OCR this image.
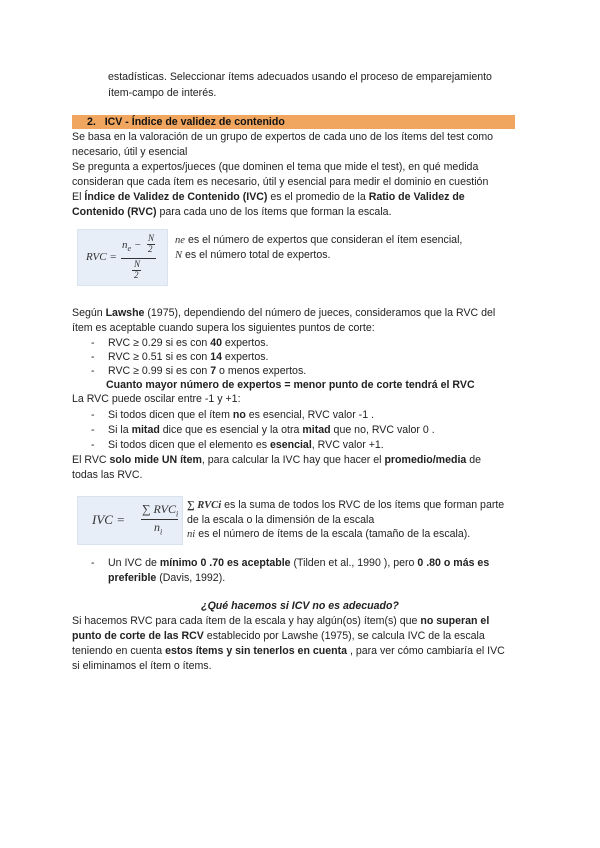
estadísticas. Seleccionar ítems adecuados usando el proceso de emparejamiento
ítem-campo de interés.
2. ICV - Índice de validez de contenido
Se basa en la valoración de un grupo de expertos de cada uno de los ítems del test como
necesario, útil y esencial
Se pregunta a expertos/jueces (que dominen el tema que mide el test), en qué medida
consideran que cada ítem es necesario, útil y esencial para medir el dominio en cuestión
El Índice de Validez de Contenido (IVC) es el promedio de la Ratio de Validez de
Contenido (RVC) para cada uno de los ítems que forman la escala.
RVC =
$n_e$ −
N
2
N
2
ne es el número de expertos que consideran el ítem esencial,
N es el número total de expertos.
Según Lawshe (1975), dependiendo del número de jueces, consideramos que la RVC del
ítem es aceptable cuando supera los siguientes puntos de corte:
- RVC ≥ 0.29 si es con 40 expertos.
- RVC ≥ 0.51 si es con 14 expertos.
- RVC ≥ 0.99 si es con 7 o menos expertos.
Cuanto mayor número de expertos = menor punto de corte tendrá el RVC
La RVC puede oscilar entre -1 y +1:
- Si todos dicen que el ítem no es esencial, RVC valor -1 .
- Si la mitad dice que es esencial y la otra mitad que no, RVC valor 0 .
- Si todos dicen que el elemento es esencial, RVC valor +1.
El RVC solo mide UN ítem, para calcular la IVC hay que hacer el promedio/media de
todas las RVC.
IVC =
∑ $RVC_i$
$n_i$
∑ RVCi es la suma de todos los RVC de los ítems que forman parte
de la escala o la dimensión de la escala
ni es el número de ítems de la escala (tamaño de la escala).
- Un IVC de mínimo 0 .70 es aceptable (Tilden et al., 1990 ), pero 0 .80 o más es
preferible (Davis, 1992).
¿Qué hacemos si ICV no es adecuado?
Si hacemos RVC para cada ítem de la escala y hay algún(os) ítem(s) que no superan el
punto de corte de las RCV establecido por Lawshe (1975), se calcula IVC de la escala
teniendo en cuenta estos ítems y sin tenerlos en cuenta , para ver cómo cambiaría el IVC
si eliminamos el ítem o ítems.
